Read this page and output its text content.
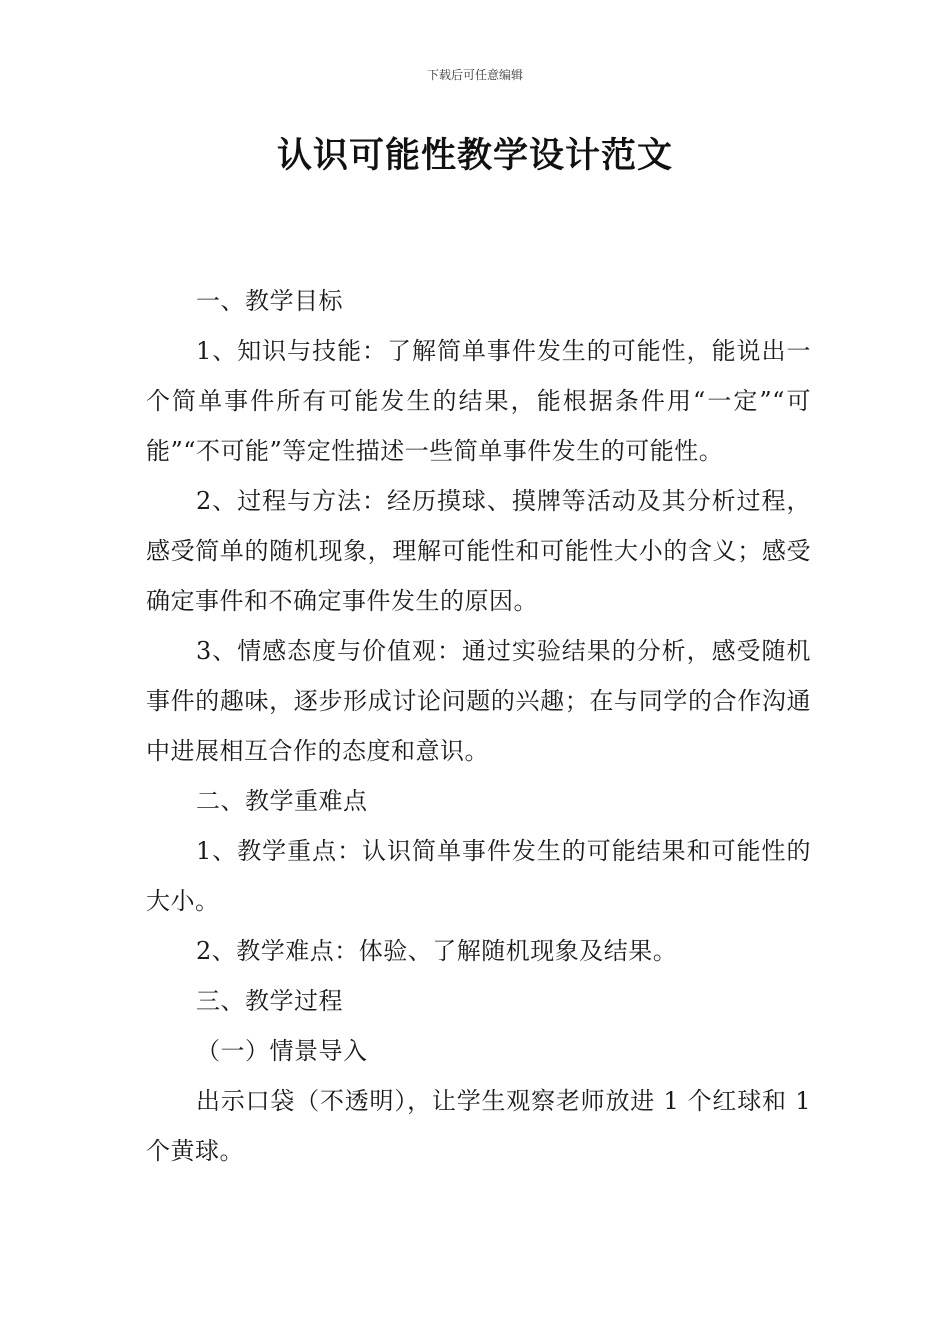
下载后可任意编辑
认识可能性教学设计范文

一、教学目标

1、知识与技能：了解简单事件发生的可能性，能说出一个简单事件所有可能发生的结果，能根据条件用“一定”“可能”“不可能”等定性描述一些简单事件发生的可能性。

2、过程与方法：经历摸球、摸牌等活动及其分析过程，感受简单的随机现象，理解可能性和可能性大小的含义；感受确定事件和不确定事件发生的原因。

3、情感态度与价值观：通过实验结果的分析，感受随机事件的趣味，逐步形成讨论问题的兴趣；在与同学的合作沟通中进展相互合作的态度和意识。

二、教学重难点

1、教学重点：认识简单事件发生的可能结果和可能性的大小。

2、教学难点：体验、了解随机现象及结果。

三、教学过程

（一）情景导入

出示口袋（不透明），让学生观察老师放进 1 个红球和 1 个黄球。
